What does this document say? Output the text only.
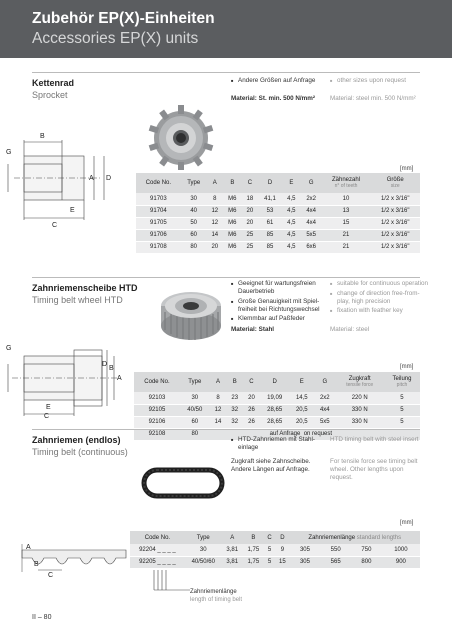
Zubehör EP(X)-Einheiten
Accessories EP(X) units
Kettenrad
Sprocket
■ Andere Größen auf Anfrage	■ other sizes upon request
Material: St. min. 500 N/mm² Material: steel min. 500 N/mm²
B
G
C
E
A D
[mm]
Code No.	Type	A	B	C	D	E	G	Zähnezahl
n° of teeth	Größe
size

91703	30	8	M6	18	41,1	4,5	2x2	10	1/2 x 3/16"
91704	40	12	M6	20	53	4,5	4x4	13	1/2 x 3/16"
91705	50	12	M6	20	61	4,5	4x4	15	1/2 x 3/16"
91706	60	14	M6	25	85	4,5	5x5	21	1/2 x 3/16"
91708	80	20	M6	25	85	4,5	6x6	21	1/2 x 3/16"
Zahnriemenscheibe HTD
Timing belt wheel HTD
■ Geeignet für wartungsfreien Dauerbetrieb
■ Große Genauigkeit mit Spiel-freiheit bei Richtungswechsel
■ Klemmbar auf Paßfeder
■ suitable for continuous operation
■ change of direction free-from-play, high precision
■ fixation with feather key
Material: Stahl	Material: steel
G
D
B
A
E
C
[mm]
Code No.	Type	A	B	C	D	E	G	Zugkraft
tensile force	Teilung
pitch

92103	30	8	23	20	19,09	14,5	2x2	220 N	5
92105	40/50	12	32	26	28,65	20,5	4x4	330 N	5
92106	60	14	32	26	28,65	20,5	5x5	330 N	5
92108	80	auf Anfrage on request							
Zahnriemen (endlos)
Timing belt (continuous)
■ HTD-Zahnriemen mit Stahl-einlage
HTD timing belt with steel insert
Zugkraft siehe Zahnscheibe. Andere Längen auf Anfrage.
For tensile force see timing belt wheel. Other lengths upon request.
[mm]
A
B
C
Code No.	Type	A	B	C	D	Zahnriemenlänge standard lengths			
92204 _ _ _ _	30	3,81	1,75	5	9	305	550	750	1000
92205 _ _ _ _	40/50/60	3,81	1,75	5	15	305	565	800	900
Zahnriemenlänge
length of timing belt
II – 80
